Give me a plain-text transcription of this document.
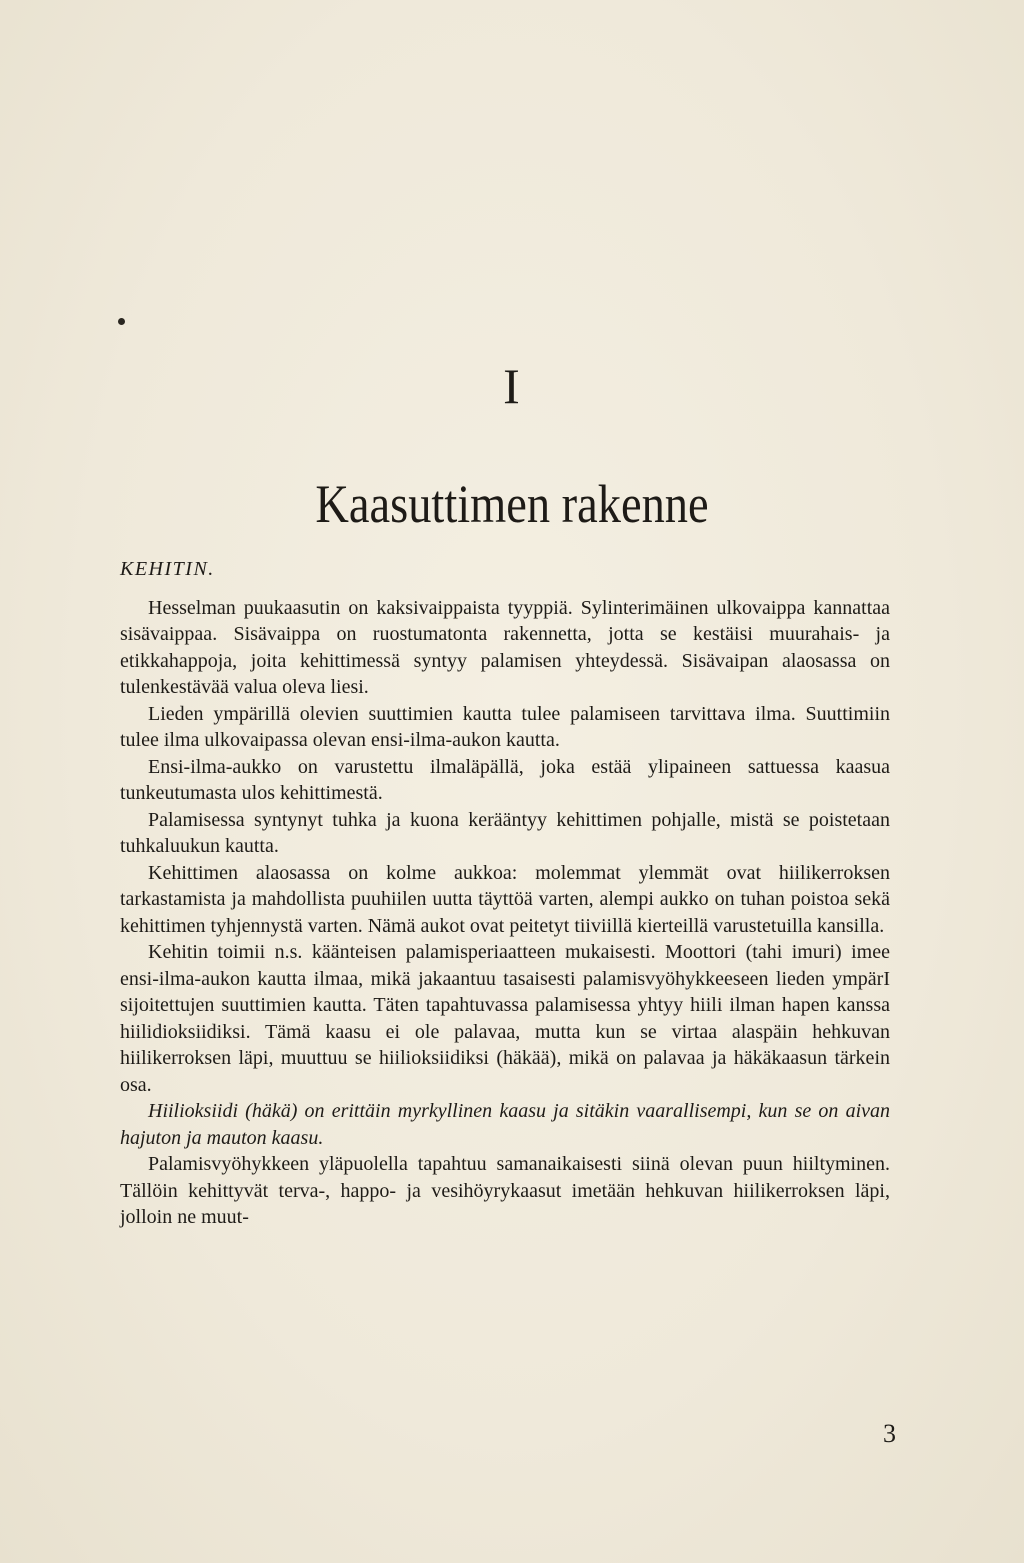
I
Kaasuttimen rakenne
KEHITIN.

Hesselman puukaasutin on kaksivaippaista tyyppiä. Sylinterimäinen ulkovaippa kannattaa sisävaippaa. Sisävaippa on ruostumatonta rakennetta, jotta se kestäisi muurahais- ja etikkahappoja, joita kehittimessä syntyy palamisen yhteydessä. Sisävaipan alaosassa on tulenkestävää valua oleva liesi.

Lieden ympärillä olevien suuttimien kautta tulee palamiseen tarvittava ilma. Suuttimiin tulee ilma ulkovaipassa olevan ensi-ilma-aukon kautta.

Ensi-ilma-aukko on varustettu ilmaläpällä, joka estää ylipaineen sattuessa kaasua tunkeutumasta ulos kehittimestä.

Palamisessa syntynyt tuhka ja kuona kerääntyy kehittimen pohjalle, mistä se poistetaan tuhkaluukun kautta.

Kehittimen alaosassa on kolme aukkoa: molemmat ylemmät ovat hiilikerroksen tarkastamista ja mahdollista puuhiilen uutta täyttöä varten, alempi aukko on tuhan poistoa sekä kehittimen tyhjennystä varten. Nämä aukot ovat peitetyt tiiviillä kierteillä varustetuilla kansilla.

Kehitin toimii n.s. käänteisen palamisperiaatteen mukaisesti. Moottori (tahi imuri) imee ensi-ilma-aukon kautta ilmaa, mikä jakaantuu tasaisesti palamisvyöhykkeeseen lieden ympärI sijoitettujen suuttimien kautta. Täten tapahtuvassa palamisessa yhtyy hiili ilman hapen kanssa hiilidioksiidiksi. Tämä kaasu ei ole palavaa, mutta kun se virtaa alaspäin hehkuvan hiilikerroksen läpi, muuttuu se hiilioksiidiksi (häkää), mikä on palavaa ja häkäkaasun tärkein osa.

Hiilioksiidi (häkä) on erittäin myrkyllinen kaasu ja sitäkin vaarallisempi, kun se on aivan hajuton ja mauton kaasu.

Palamisvyöhykkeen yläpuolella tapahtuu samanaikaisesti siinä olevan puun hiiltyminen. Tällöin kehittyvät terva-, happo- ja vesihöyrykaasut imetään hehkuvan hiilikerroksen läpi, jolloin ne muut-

3
